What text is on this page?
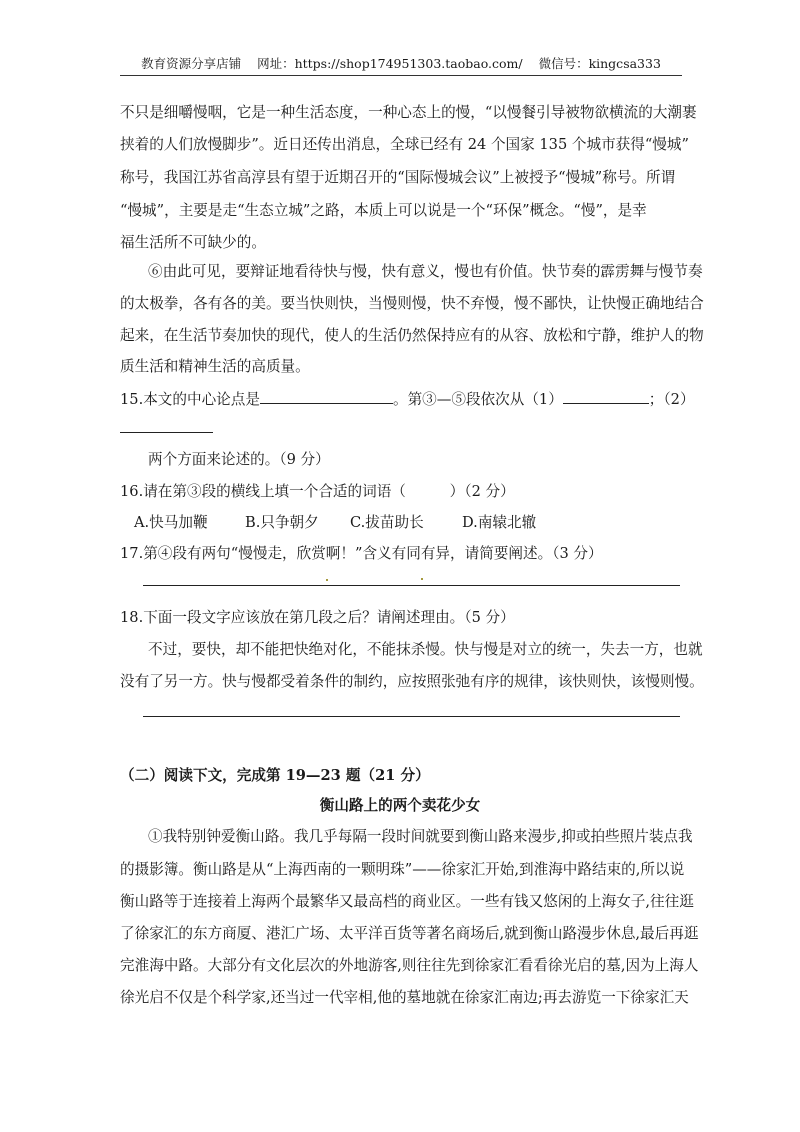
教育资源分享店铺 网址：https://shop174951303.taobao.com/ 微信号：kingcsa333
不只是细嚼慢咽，它是一种生活态度，一种心态上的慢，“以慢餐引导被物欲横流的大潮裹
挟着的人们放慢脚步”。近日还传出消息，全球已经有 24 个国家 135 个城市获得“慢城”
称号，我国江苏省高淳县有望于近期召开的“国际慢城会议”上被授予“慢城”称号。所谓
“慢城”，主要是走“生态立城”之路，本质上可以说是一个“环保”概念。“慢”，是幸
福生活所不可缺少的。
⑥由此可见，要辩证地看待快与慢，快有意义，慢也有价值。快节奏的霹雳舞与慢节奏
的太极拳，各有各的美。要当快则快，当慢则慢，快不弃慢，慢不鄙快，让快慢正确地结合
起来，在生活节奏加快的现代，使人的生活仍然保持应有的从容、放松和宁静，维护人的物
质生活和精神生活的高质量。
15.本文的中心论点是	。第③—⑤段依次从（1）	；（2）
两个方面来论述的。（9 分）
16.请在第③段的横线上填一个合适的词语（　　　）（2 分）
A.快马加鞭	B.只争朝夕 C.拔苗助长	D.南辕北辙
17.第④段有两句“慢慢走，欣赏啊！”含义有同有异，请简要阐述。（3 分）
18.下面一段文字应该放在第几段之后？请阐述理由。（5 分）
不过，要快，却不能把快绝对化，不能抹杀慢。快与慢是对立的统一，失去一方，也就
没有了另一方。快与慢都受着条件的制约，应按照张弛有序的规律，该快则快，该慢则慢。
（二）阅读下文，完成第 19—23 题（21 分）
衡山路上的两个卖花少女
①我特别钟爱衡山路。我几乎每隔一段时间就要到衡山路来漫步,抑或拍些照片装点我
的摄影簿。衡山路是从“上海西南的一颗明珠”——徐家汇开始,到淮海中路结束的,所以说
衡山路等于连接着上海两个最繁华又最高档的商业区。一些有钱又悠闲的上海女子,往往逛
了徐家汇的东方商厦、港汇广场、太平洋百货等著名商场后,就到衡山路漫步休息,最后再逛
完淮海中路。大部分有文化层次的外地游客,则往往先到徐家汇看看徐光启的墓,因为上海人
徐光启不仅是个科学家,还当过一代宰相,他的墓地就在徐家汇南边;再去游览一下徐家汇天
